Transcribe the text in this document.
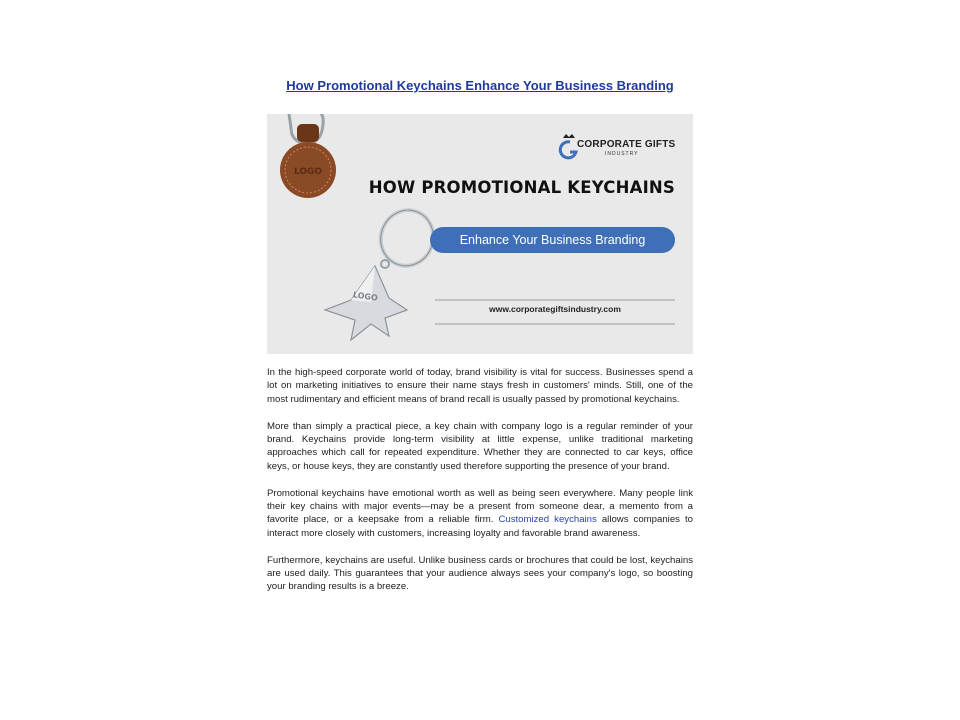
How Promotional Keychains Enhance Your Business Branding
LOGO
LOGO
CORPORATE GIFTS
INDUSTRY
HOW PROMOTIONAL KEYCHAINS
Enhance Your Business Branding
www.corporategiftsindustry.com

In the high-speed corporate world of today, brand visibility is vital for success. Businesses spend a lot on marketing initiatives to ensure their name stays fresh in customers' minds. Still, one of the most rudimentary and efficient means of brand recall is usually passed by promotional keychains.

More than simply a practical piece, a key chain with company logo is a regular reminder of your brand. Keychains provide long-term visibility at little expense, unlike traditional marketing approaches which call for repeated expenditure. Whether they are connected to car keys, office keys, or house keys, they are constantly used therefore supporting the presence of your brand.

Promotional keychains have emotional worth as well as being seen everywhere. Many people link their key chains with major events—may be a present from someone dear, a memento from a favorite place, or a keepsake from a reliable firm. Customized keychains allows companies to interact more closely with customers, increasing loyalty and favorable brand awareness.

Furthermore, keychains are useful. Unlike business cards or brochures that could be lost, keychains are used daily. This guarantees that your audience always sees your company's logo, so boosting your branding results is a breeze.
